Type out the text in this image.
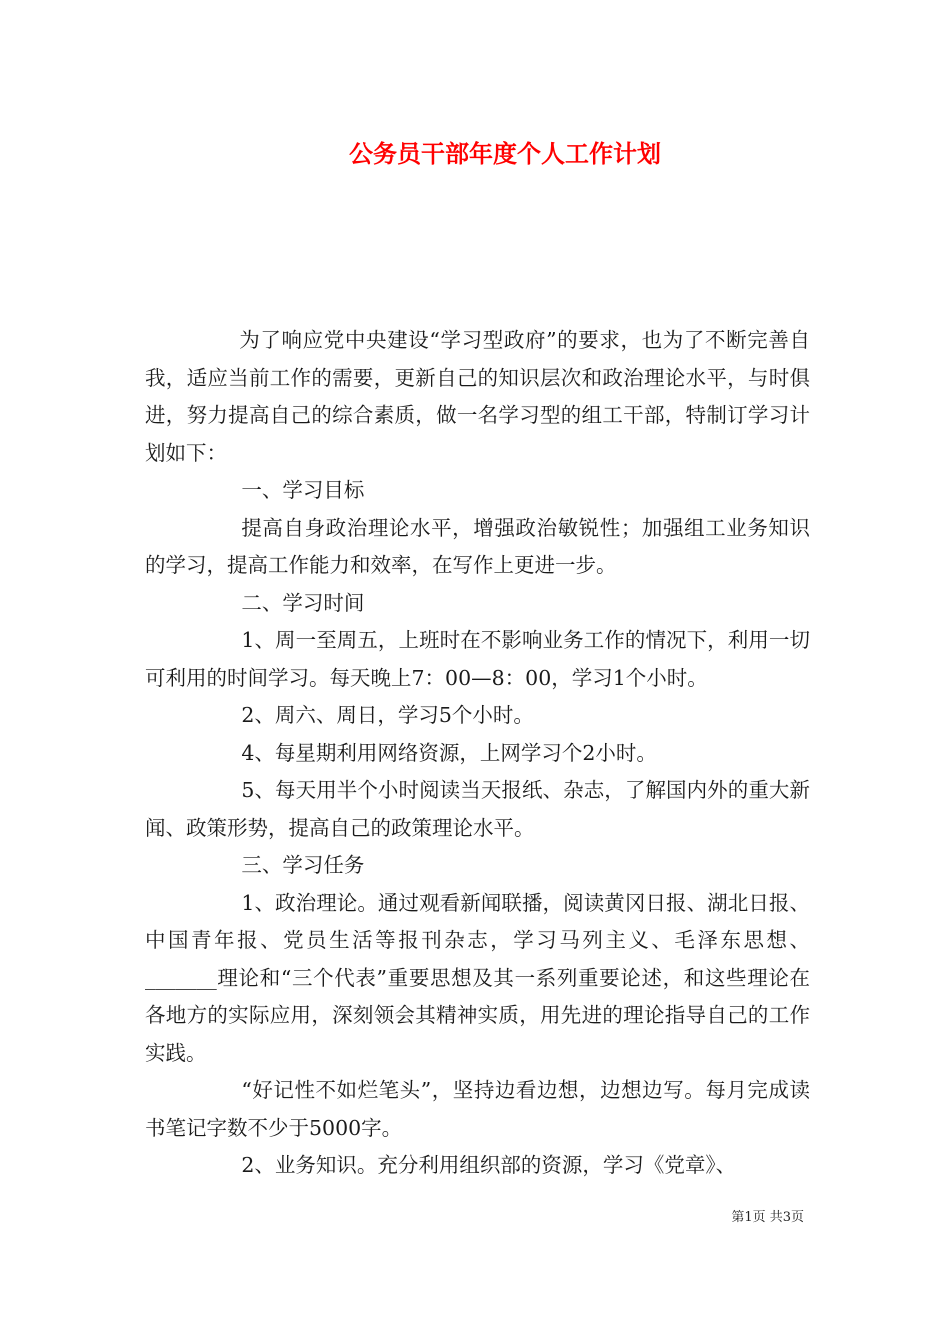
公务员干部年度个人工作计划

为了响应党中央建设“学习型政府”的要求，也为了不断完善自我，适应当前工作的需要，更新自己的知识层次和政治理论水平，与时俱进，努力提高自己的综合素质，做一名学习型的组工干部，特制订学习计划如下：

一、学习目标

提高自身政治理论水平，增强政治敏锐性；加强组工业务知识的学习，提高工作能力和效率，在写作上更进一步。

二、学习时间

1、周一至周五，上班时在不影响业务工作的情况下，利用一切可利用的时间学习。每天晚上7：00—8：00，学习1个小时。

2、周六、周日，学习5个小时。

4、每星期利用网络资源，上网学习个2小时。

5、每天用半个小时阅读当天报纸、杂志，了解国内外的重大新闻、政策形势，提高自己的政策理论水平。

三、学习任务

1、政治理论。通过观看新闻联播，阅读黄冈日报、湖北日报、中国青年报、党员生活等报刊杂志，学习马列主义、毛泽东思想、_______理论和“三个代表”重要思想及其一系列重要论述，和这些理论在各地方的实际应用，深刻领会其精神实质，用先进的理论指导自己的工作实践。

“好记性不如烂笔头”，坚持边看边想，边想边写。每月完成读书笔记字数不少于5000字。

2、业务知识。充分利用组织部的资源，学习《党章》、

第1页 共3页
